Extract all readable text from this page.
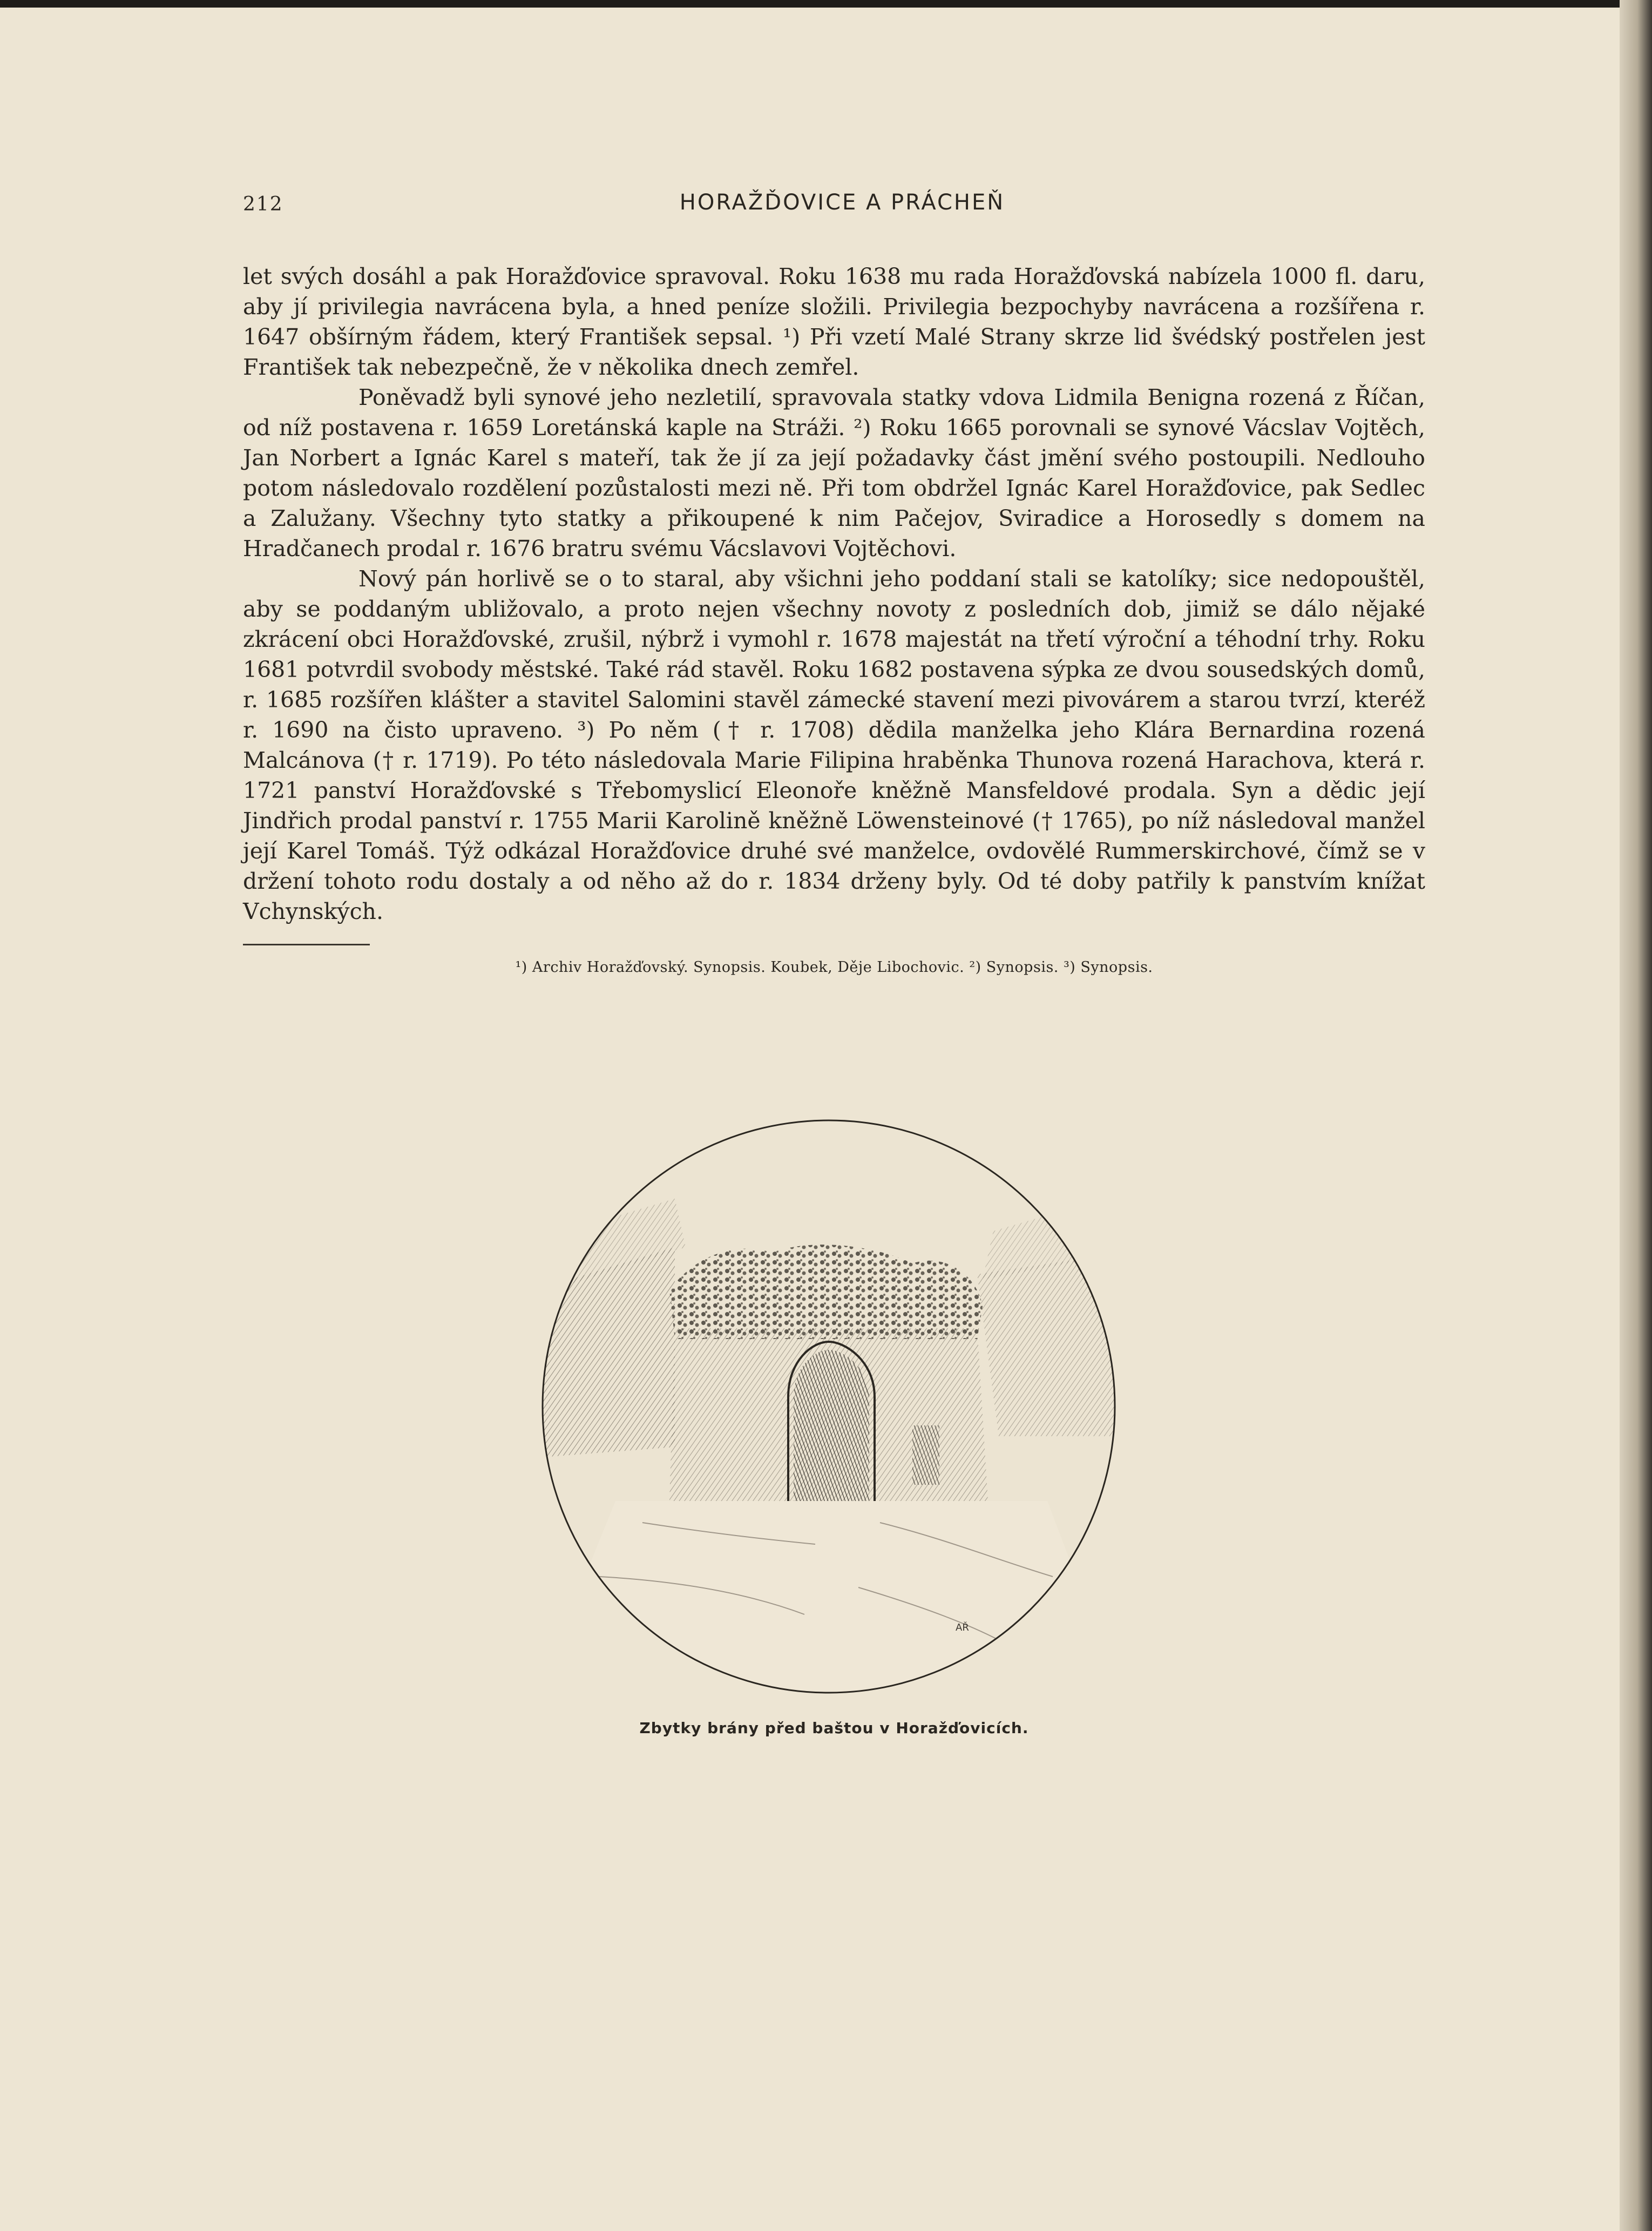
212	HORAŽĎOVICE A PRÁCHEŇ

let svých dosáhl a pak Horažďovice spravoval. Roku 1638 mu rada Horažďovská nabízela 1000 fl. daru, aby jí privilegia navrácena byla, a hned peníze složili. Privilegia bezpochyby navrácena a rozšířena r. 1647 obšírným řádem, který František sepsal. ¹) Při vzetí Malé Strany skrze lid švédský postřelen jest František tak nebezpečně, že v několika dnech zemřel.

Poněvadž byli synové jeho nezletilí, spravovala statky vdova Lidmila Benigna rozená z Říčan, od níž postavena r. 1659 Loretánská kaple na Stráži. ²) Roku 1665 porovnali se synové Vácslav Vojtěch, Jan Norbert a Ignác Karel s mateří, tak že jí za její požadavky část jmění svého postoupili. Nedlouho potom následovalo rozdělení pozůstalosti mezi ně. Při tom obdržel Ignác Karel Horažďovice, pak Sedlec a Zalužany. Všechny tyto statky a přikoupené k nim Pačejov, Sviradice a Horosedly s domem na Hradčanech prodal r. 1676 bratru svému Vácslavovi Vojtěchovi.

Nový pán horlivě se o to staral, aby všichni jeho poddaní stali se katolíky; sice nedopouštěl, aby se poddaným ubližovalo, a proto nejen všechny novoty z posledních dob, jimiž se dálo nějaké zkrácení obci Horažďovské, zrušil, nýbrž i vymohl r. 1678 majestát na třetí výroční a téhodní trhy. Roku 1681 potvrdil svobody městské. Také rád stavěl. Roku 1682 postavena sýpka ze dvou sousedských domů, r. 1685 rozšířen klášter a stavitel Salomini stavěl zámecké stavení mezi pivovárem a starou tvrzí, kteréž r. 1690 na čisto upraveno. ³) Po něm († r. 1708) dědila manželka jeho Klára Bernardina rozená Malcánova († r. 1719). Po této následovala Marie Filipina hraběnka Thunova rozená Harachova, která r. 1721 panství Horažďovské s Třebomyslicí Eleonoře kněžně Mansfeldové prodala. Syn a dědic její Jindřich prodal panství r. 1755 Marii Karolině kněžně Löwensteinové († 1765), po níž následoval manžel její Karel Tomáš. Týž odkázal Horažďovice druhé své manželce, ovdovělé Rummerskirchové, čímž se v držení tohoto rodu dostaly a od něho až do r. 1834 drženy byly. Od té doby patřily k panstvím knížat Vchynských.

¹) Archiv Horažďovský. Synopsis. Koubek, Děje Libochovic. ²) Synopsis. ³) Synopsis.
AŘ
Zbytky brány před baštou v Horažďovicích.
